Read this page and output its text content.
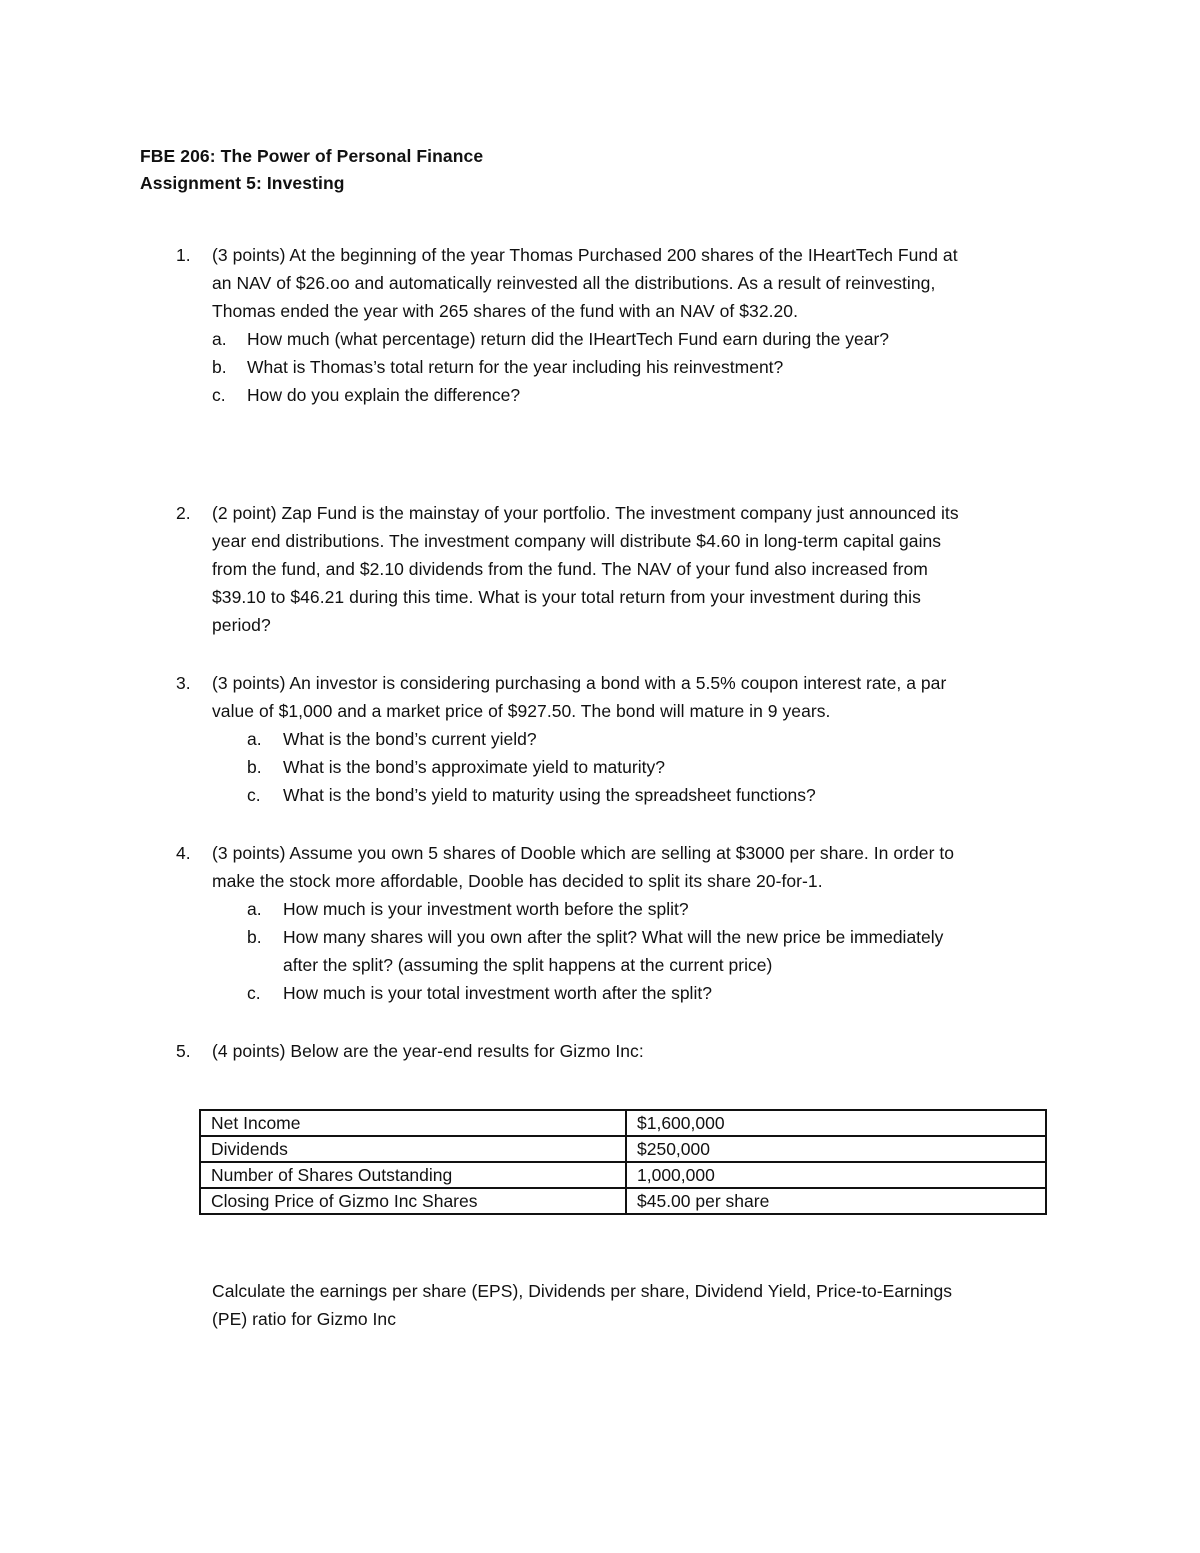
FBE 206: The Power of Personal Finance
Assignment 5: Investing
1. (3 points) At the beginning of the year Thomas Purchased 200 shares of the IHeartTech Fund at
an NAV of $26.oo and automatically reinvested all the distributions. As a result of reinvesting,
Thomas ended the year with 265 shares of the fund with an NAV of $32.20.
a. How much (what percentage) return did the IHeartTech Fund earn during the year?
b. What is Thomas’s total return for the year including his reinvestment?
c. How do you explain the difference?
2. (2 point) Zap Fund is the mainstay of your portfolio. The investment company just announced its
year end distributions. The investment company will distribute $4.60 in long-term capital gains
from the fund, and $2.10 dividends from the fund. The NAV of your fund also increased from
$39.10 to $46.21 during this time. What is your total return from your investment during this
period?
3. (3 points) An investor is considering purchasing a bond with a 5.5% coupon interest rate, a par
value of $1,000 and a market price of $927.50. The bond will mature in 9 years.
a. What is the bond’s current yield?
b. What is the bond’s approximate yield to maturity?
c. What is the bond’s yield to maturity using the spreadsheet functions?
4. (3 points) Assume you own 5 shares of Dooble which are selling at $3000 per share. In order to
make the stock more affordable, Dooble has decided to split its share 20-for-1.
a. How much is your investment worth before the split?
b. How many shares will you own after the split? What will the new price be immediately
after the split? (assuming the split happens at the current price)
c. How much is your total investment worth after the split?
5. (4 points) Below are the year-end results for Gizmo Inc:
Net Income	$1,600,000
Dividends	$250,000
Number of Shares Outstanding	1,000,000
Closing Price of Gizmo Inc Shares	$45.00 per share
Calculate the earnings per share (EPS), Dividends per share, Dividend Yield, Price-to-Earnings
(PE) ratio for Gizmo Inc
